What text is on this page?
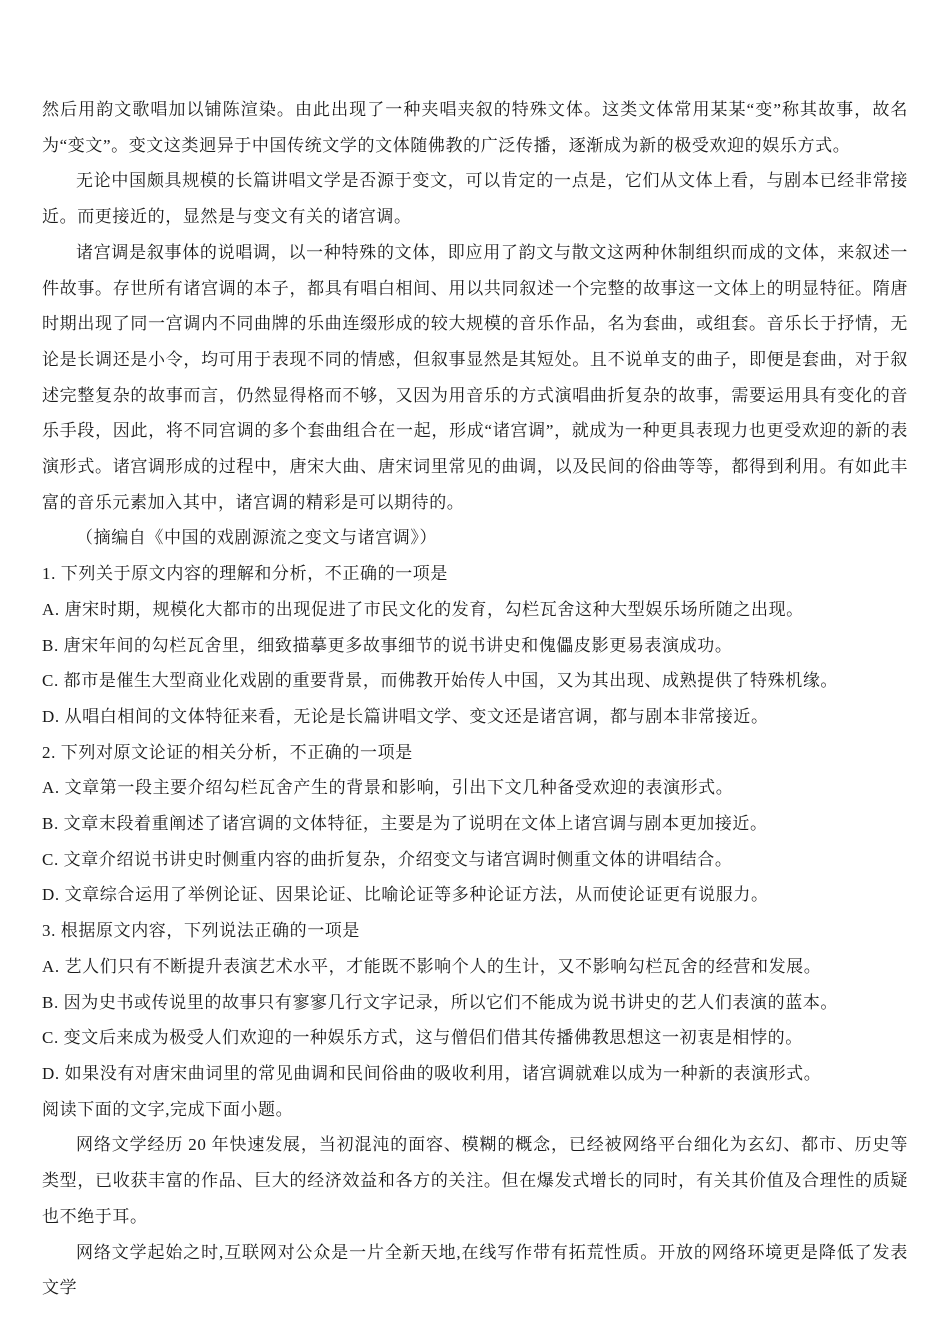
然后用韵文歌唱加以铺陈渲染。由此出现了一种夹唱夹叙的特殊文体。这类文体常用某某“变”称其故事，故名为“变文”。变文这类迥异于中国传统文学的文体随佛教的广泛传播，逐渐成为新的极受欢迎的娱乐方式。

无论中国颇具规模的长篇讲唱文学是否源于变文，可以肯定的一点是，它们从文体上看，与剧本已经非常接近。而更接近的，显然是与变文有关的诸宫调。

诸宫调是叙事体的说唱调，以一种特殊的文体，即应用了韵文与散文这两种休制组织而成的文体，来叙述一件故事。存世所有诸宫调的本子，都具有唱白相间、用以共同叙述一个完整的故事这一文体上的明显特征。隋唐时期出现了同一宫调内不同曲牌的乐曲连缀形成的较大规模的音乐作品，名为套曲，或组套。音乐长于抒情，无论是长调还是小令，均可用于表现不同的情感，但叙事显然是其短处。且不说单支的曲子，即便是套曲，对于叙述完整复杂的故事而言，仍然显得格而不够，又因为用音乐的方式演唱曲折复杂的故事，需要运用具有变化的音乐手段，因此，将不同宫调的多个套曲组合在一起，形成“诸宫调”，就成为一种更具表现力也更受欢迎的新的表演形式。诸宫调形成的过程中，唐宋大曲、唐宋词里常见的曲调，以及民间的俗曲等等，都得到利用。有如此丰富的音乐元素加入其中，诸宫调的精彩是可以期待的。

（摘编自《中国的戏剧源流之变文与诸宫调》）

1. 下列关于原文内容的理解和分析，不正确的一项是

A. 唐宋时期，规模化大都市的出现促进了市民文化的发育，勾栏瓦舍这种大型娱乐场所随之出现。

B. 唐宋年间的勾栏瓦舍里，细致描摹更多故事细节的说书讲史和傀儡皮影更易表演成功。

C. 都市是催生大型商业化戏剧的重要背景，而佛教开始传人中国，又为其出现、成熟提供了特殊机缘。

D. 从唱白相间的文体特征来看，无论是长篇讲唱文学、变文还是诸宫调，都与剧本非常接近。

2. 下列对原文论证的相关分析，不正确的一项是

A. 文章第一段主要介绍勾栏瓦舍产生的背景和影响，引出下文几种备受欢迎的表演形式。

B. 文章末段着重阐述了诸宫调的文体特征，主要是为了说明在文体上诸宫调与剧本更加接近。

C. 文章介绍说书讲史时侧重内容的曲折复杂，介绍变文与诸宫调时侧重文体的讲唱结合。

D. 文章综合运用了举例论证、因果论证、比喻论证等多种论证方法，从而使论证更有说服力。

3. 根据原文内容，下列说法正确的一项是

A. 艺人们只有不断提升表演艺术水平，才能既不影响个人的生计，又不影响勾栏瓦舍的经营和发展。

B. 因为史书或传说里的故事只有寥寥几行文字记录，所以它们不能成为说书讲史的艺人们表演的蓝本。

C. 变文后来成为极受人们欢迎的一种娱乐方式，这与僧侣们借其传播佛教思想这一初衷是相悖的。

D. 如果没有对唐宋曲词里的常见曲调和民间俗曲的吸收利用，诸宫调就难以成为一种新的表演形式。

阅读下面的文字,完成下面小题。

网络文学经历 20 年快速发展，当初混沌的面容、模糊的概念，已经被网络平台细化为玄幻、都市、历史等类型，已收获丰富的作品、巨大的经济效益和各方的关注。但在爆发式增长的同时，有关其价值及合理性的质疑也不绝于耳。

网络文学起始之时,互联网对公众是一片全新天地,在线写作带有拓荒性质。开放的网络环境更是降低了发表文学
